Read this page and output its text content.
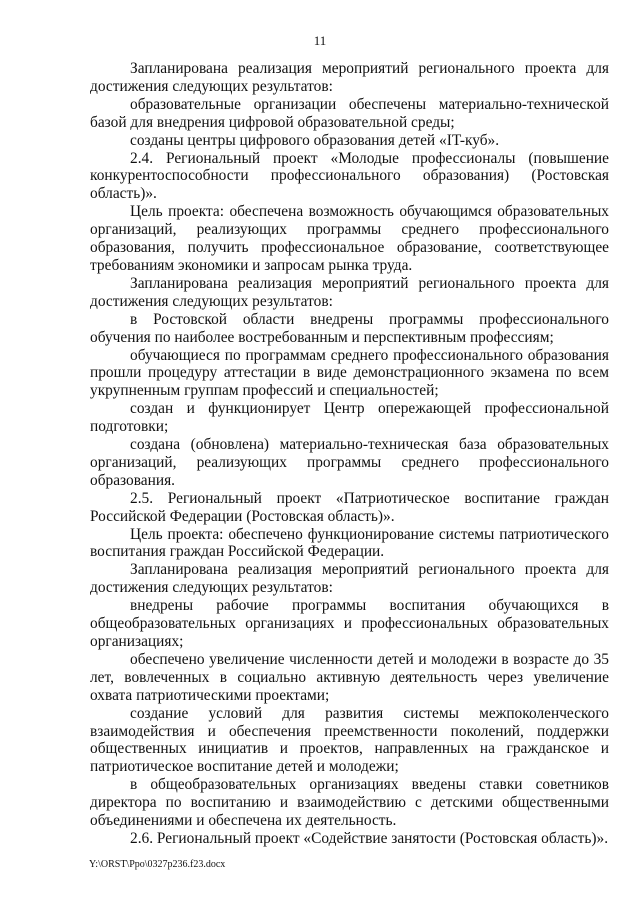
11

Запланирована реализация мероприятий регионального проекта для достижения следующих результатов:

образовательные организации обеспечены материально-технической базой для внедрения цифровой образовательной среды;

созданы центры цифрового образования детей «IT-куб».

2.4. Региональный проект «Молодые профессионалы (повышение конкурентоспособности профессионального образования) (Ростовская область)».

Цель проекта: обеспечена возможность обучающимся образовательных организаций, реализующих программы среднего профессионального образования, получить профессиональное образование, соответствующее требованиям экономики и запросам рынка труда.

Запланирована реализация мероприятий регионального проекта для достижения следующих результатов:

в Ростовской области внедрены программы профессионального обучения по наиболее востребованным и перспективным профессиям;

обучающиеся по программам среднего профессионального образования прошли процедуру аттестации в виде демонстрационного экзамена по всем укрупненным группам профессий и специальностей;

создан и функционирует Центр опережающей профессиональной подготовки;

создана (обновлена) материально-техническая база образовательных организаций, реализующих программы среднего профессионального образования.

2.5. Региональный проект «Патриотическое воспитание граждан Российской Федерации (Ростовская область)».

Цель проекта: обеспечено функционирование системы патриотического воспитания граждан Российской Федерации.

Запланирована реализация мероприятий регионального проекта для достижения следующих результатов:

внедрены рабочие программы воспитания обучающихся в общеобразовательных организациях и профессиональных образовательных организациях;

обеспечено увеличение численности детей и молодежи в возрасте до 35 лет, вовлеченных в социально активную деятельность через увеличение охвата патриотическими проектами;

создание условий для развития системы межпоколенческого взаимодействия и обеспечения преемственности поколений, поддержки общественных инициатив и проектов, направленных на гражданское и патриотическое воспитание детей и молодежи;

в общеобразовательных организациях введены ставки советников директора по воспитанию и взаимодействию с детскими общественными объединениями и обеспечена их деятельность.

2.6. Региональный проект «Содействие занятости (Ростовская область)».

Y:\ORST\Ppo\0327p236.f23.docx
